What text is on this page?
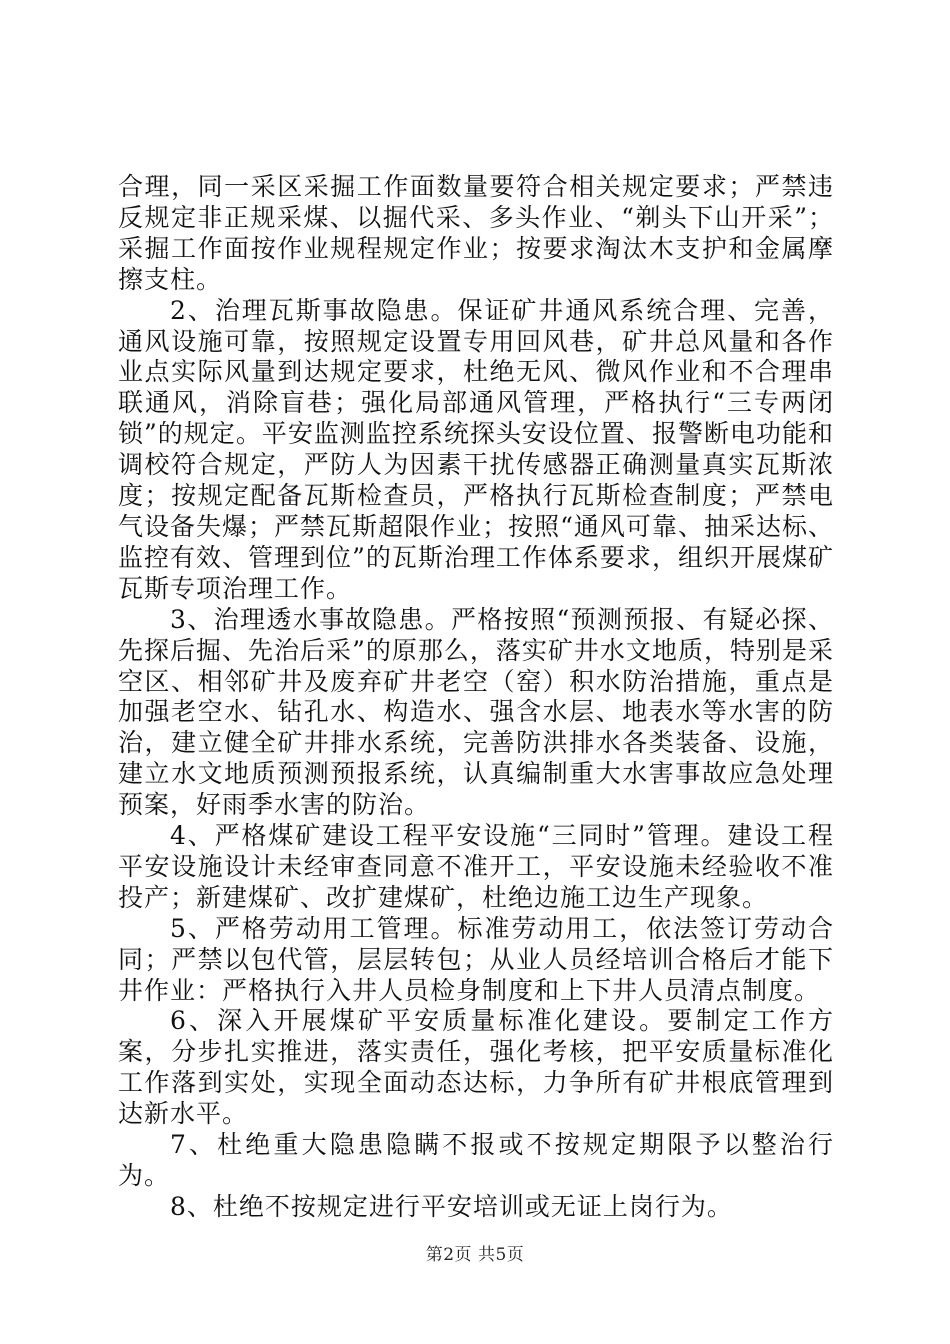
合理，同一采区采掘工作面数量要符合相关规定要求；严禁违反规定非正规采煤、以掘代采、多头作业、“剃头下山开采”；采掘工作面按作业规程规定作业；按要求淘汰木支护和金属摩擦支柱。

2、治理瓦斯事故隐患。保证矿井通风系统合理、完善，通风设施可靠，按照规定设置专用回风巷，矿井总风量和各作业点实际风量到达规定要求，杜绝无风、微风作业和不合理串联通风，消除盲巷；强化局部通风管理，严格执行“三专两闭锁”的规定。平安监测监控系统探头安设位置、报警断电功能和调校符合规定，严防人为因素干扰传感器正确测量真实瓦斯浓度；按规定配备瓦斯检查员，严格执行瓦斯检查制度；严禁电气设备失爆；严禁瓦斯超限作业；按照“通风可靠、抽采达标、监控有效、管理到位”的瓦斯治理工作体系要求，组织开展煤矿瓦斯专项治理工作。

3、治理透水事故隐患。严格按照“预测预报、有疑必探、先探后掘、先治后采”的原那么，落实矿井水文地质，特别是采空区、相邻矿井及废弃矿井老空（窑）积水防治措施，重点是加强老空水、钻孔水、构造水、强含水层、地表水等水害的防治，建立健全矿井排水系统，完善防洪排水各类装备、设施，建立水文地质预测预报系统，认真编制重大水害事故应急处理预案，好雨季水害的防治。

4、严格煤矿建设工程平安设施“三同时”管理。建设工程平安设施设计未经审查同意不准开工，平安设施未经验收不准投产；新建煤矿、改扩建煤矿，杜绝边施工边生产现象。

5、严格劳动用工管理。标准劳动用工，依法签订劳动合同；严禁以包代管，层层转包；从业人员经培训合格后才能下井作业：严格执行入井人员检身制度和上下井人员清点制度。

6、深入开展煤矿平安质量标准化建设。要制定工作方案，分步扎实推进，落实责任，强化考核，把平安质量标准化工作落到实处，实现全面动态达标，力争所有矿井根底管理到达新水平。

7、杜绝重大隐患隐瞒不报或不按规定期限予以整治行为。

8、杜绝不按规定进行平安培训或无证上岗行为。

第2页 共5页
